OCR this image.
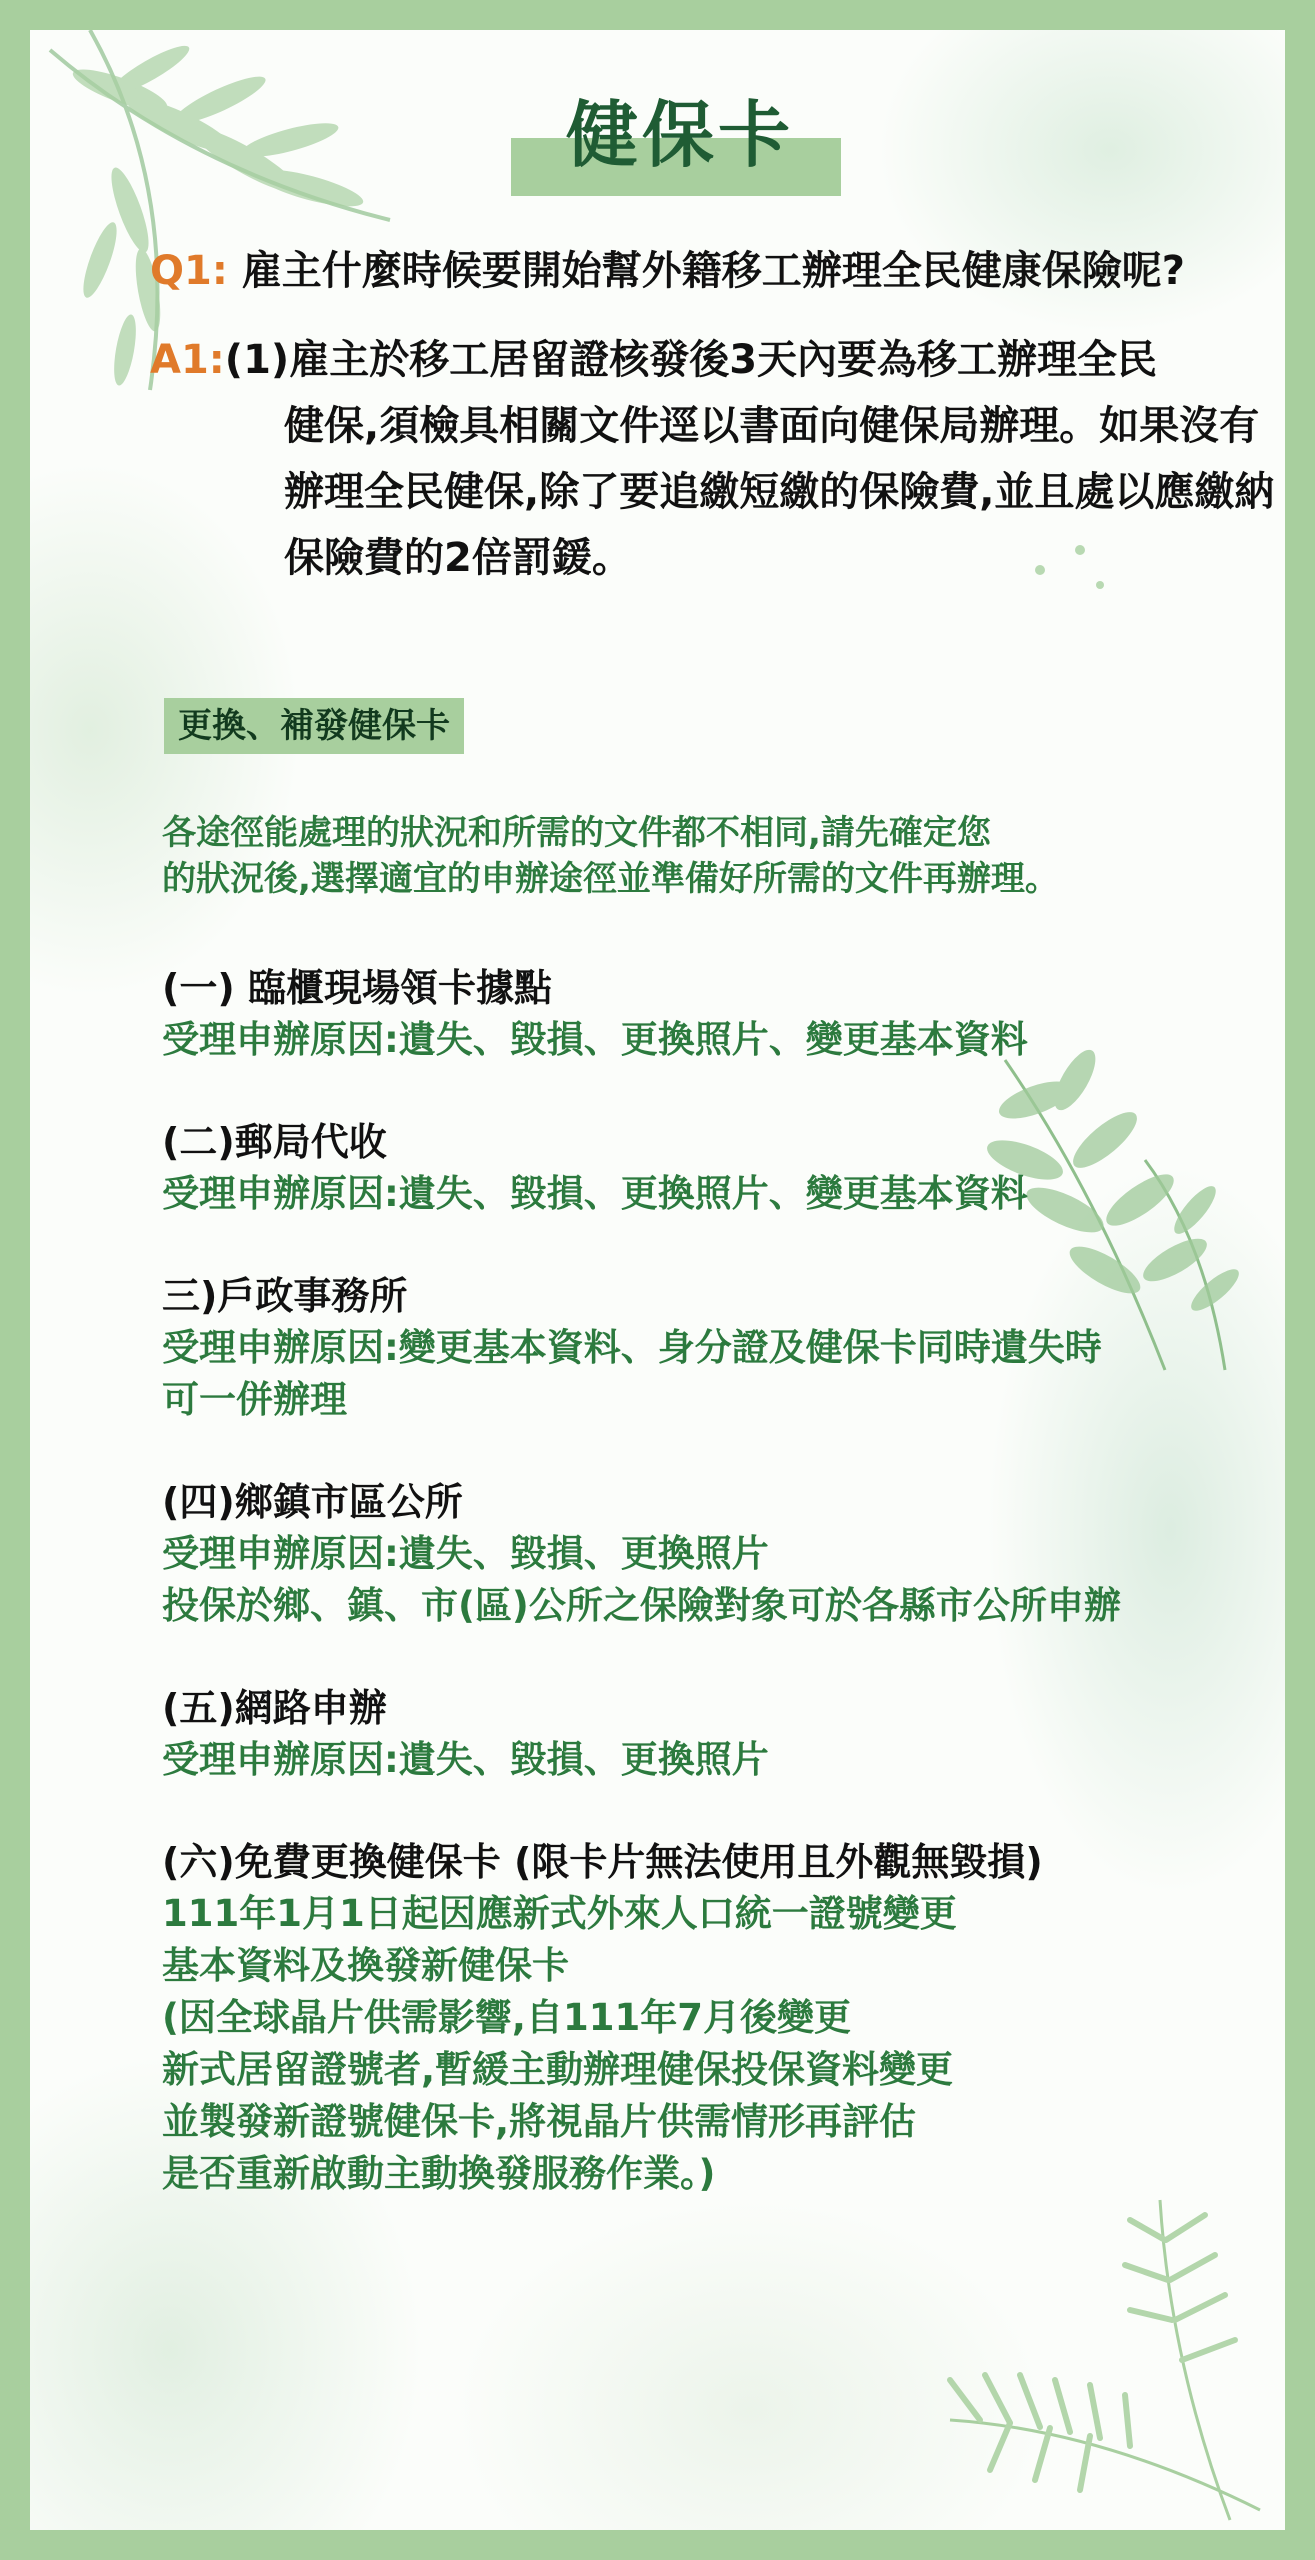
健保卡
Q1: 雇主什麼時候要開始幫外籍移工辦理全民健康保險呢?
A1:(1)雇主於移工居留證核發後3天內要為移工辦理全民
健保,須檢具相關文件逕以書面向健保局辦理。如果沒有辦理全民健保,除了要追繳短繳的保險費,並且處以應繳納保險費的2倍罰鍰。
更換、補發健保卡
各途徑能處理的狀況和所需的文件都不相同,請先確定您
的狀況後,選擇適宜的申辦途徑並準備好所需的文件再辦理。
(一) 臨櫃現場領卡據點
受理申辦原因:遺失、毀損、更換照片、變更基本資料
(二)郵局代收
受理申辦原因:遺失、毀損、更換照片、變更基本資料
三)戶政事務所
受理申辦原因:變更基本資料、身分證及健保卡同時遺失時
可一併辦理
(四)鄉鎮市區公所
受理申辦原因:遺失、毀損、更換照片
投保於鄉、鎮、市(區)公所之保險對象可於各縣市公所申辦
(五)網路申辦
受理申辦原因:遺失、毀損、更換照片
(六)免費更換健保卡 (限卡片無法使用且外觀無毀損)
111年1月1日起因應新式外來人口統一證號變更
基本資料及換發新健保卡
(因全球晶片供需影響,自111年7月後變更
新式居留證號者,暫緩主動辦理健保投保資料變更
並製發新證號健保卡,將視晶片供需情形再評估
是否重新啟動主動換發服務作業。)
